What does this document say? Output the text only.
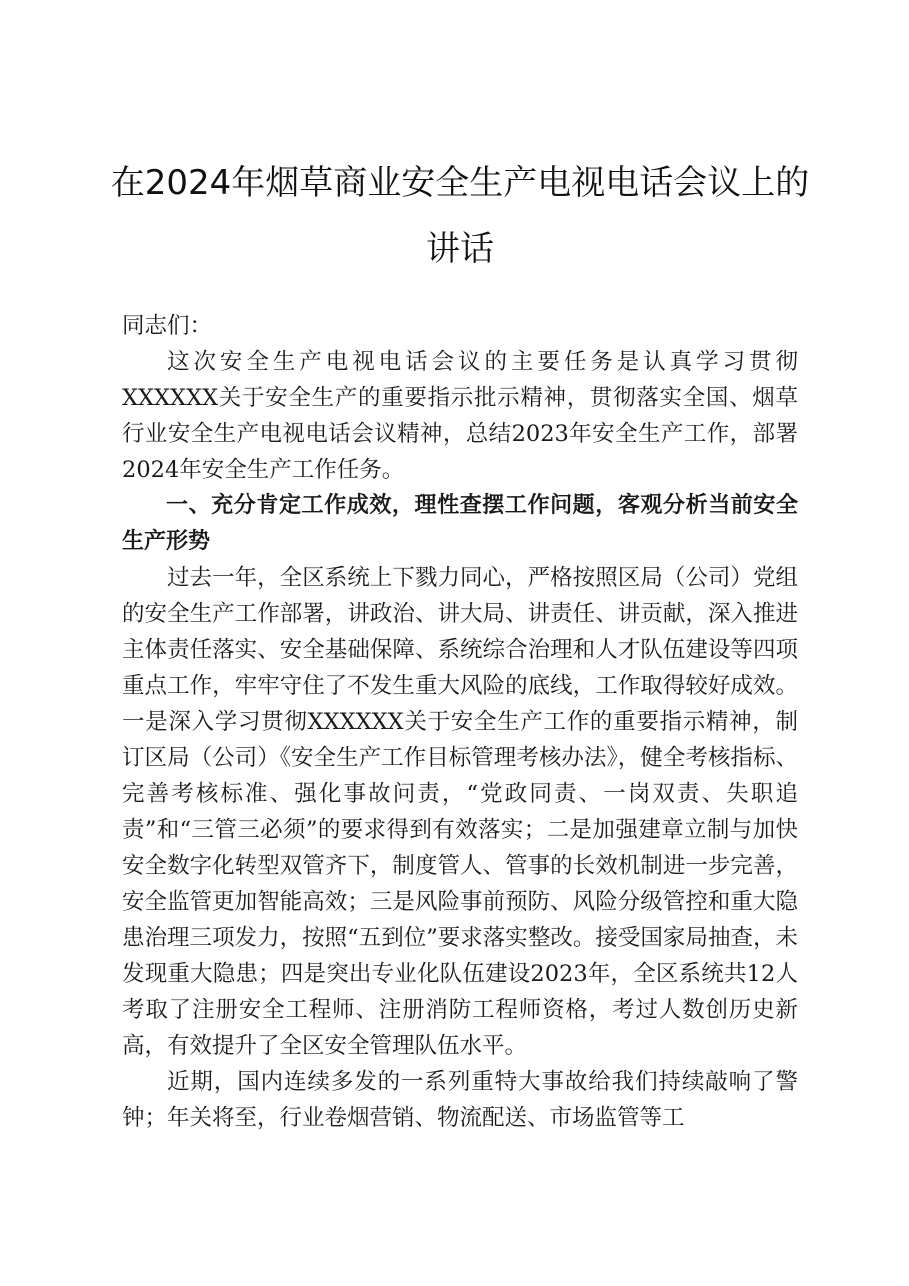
在2024年烟草商业安全生产电视电话会议上的讲话

同志们：

这次安全生产电视电话会议的主要任务是认真学习贯彻XXXXXX关于安全生产的重要指示批示精神，贯彻落实全国、烟草行业安全生产电视电话会议精神，总结2023年安全生产工作，部署2024年安全生产工作任务。

一、充分肯定工作成效，理性查摆工作问题，客观分析当前安全生产形势

过去一年，全区系统上下戮力同心，严格按照区局（公司）党组的安全生产工作部署，讲政治、讲大局、讲责任、讲贡献，深入推进主体责任落实、安全基础保障、系统综合治理和人才队伍建设等四项重点工作，牢牢守住了不发生重大风险的底线，工作取得较好成效。一是深入学习贯彻XXXXXX关于安全生产工作的重要指示精神，制订区局（公司）《安全生产工作目标管理考核办法》，健全考核指标、完善考核标准、强化事故问责，“党政同责、一岗双责、失职追责”和“三管三必须”的要求得到有效落实；二是加强建章立制与加快安全数字化转型双管齐下，制度管人、管事的长效机制进一步完善，安全监管更加智能高效；三是风险事前预防、风险分级管控和重大隐患治理三项发力，按照“五到位”要求落实整改。接受国家局抽查，未发现重大隐患；四是突出专业化队伍建设2023年，全区系统共12人考取了注册安全工程师、注册消防工程师资格，考过人数创历史新高，有效提升了全区安全管理队伍水平。

近期，国内连续多发的一系列重特大事故给我们持续敲响了警钟；年关将至，行业卷烟营销、物流配送、市场监管等工
